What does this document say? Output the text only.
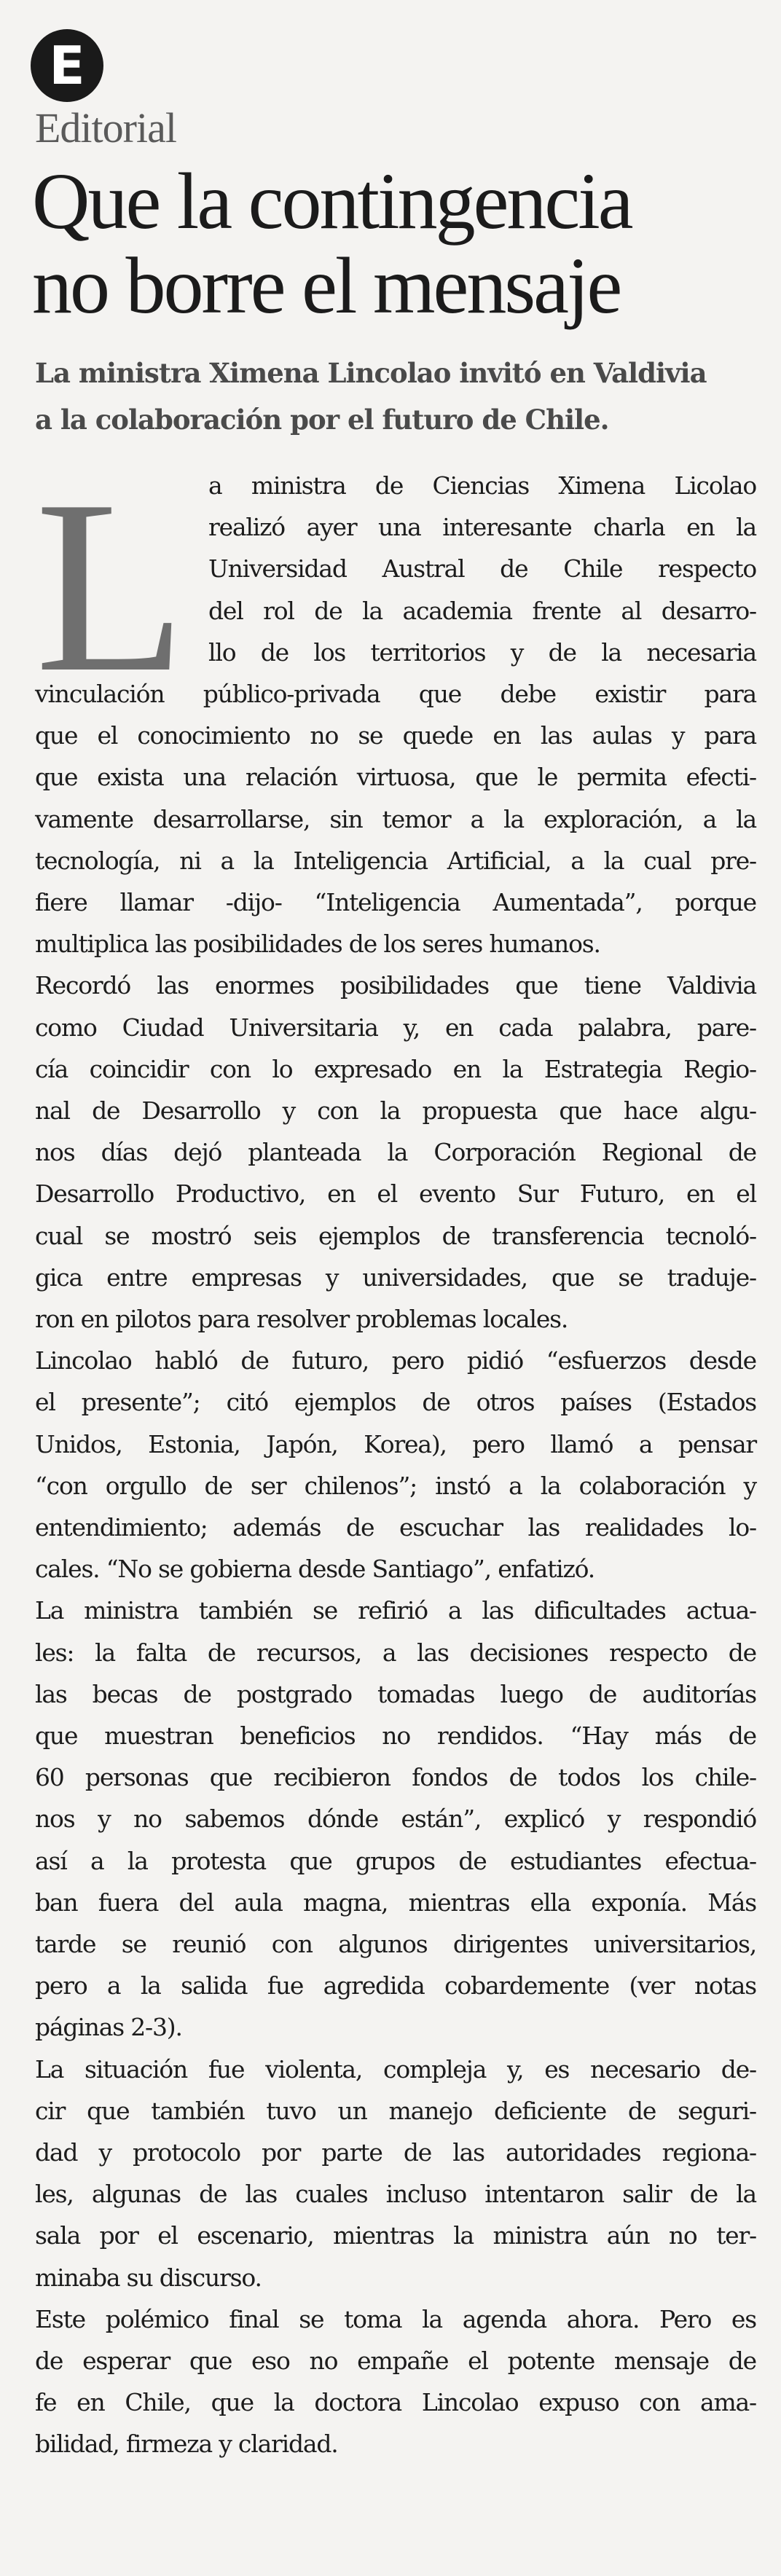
E
Editorial
Que la contingencia
no borre el mensaje
La ministra Ximena Lincolao invitó en Valdivia
a la colaboración por el futuro de Chile.
L a ministra de Ciencias Ximena Licolao
realizó ayer una interesante charla en la
Universidad Austral de Chile respecto
del rol de la academia frente al desarro-
llo de los territorios y de la necesaria
vinculación público-privada que debe existir para
que el conocimiento no se quede en las aulas y para
que exista una relación virtuosa, que le permita efecti-
vamente desarrollarse, sin temor a la exploración, a la
tecnología, ni a la Inteligencia Artificial, a la cual pre-
fiere llamar -dijo- “Inteligencia Aumentada”, porque
multiplica las posibilidades de los seres humanos.
Recordó las enormes posibilidades que tiene Valdivia
como Ciudad Universitaria y, en cada palabra, pare-
cía coincidir con lo expresado en la Estrategia Regio-
nal de Desarrollo y con la propuesta que hace algu-
nos días dejó planteada la Corporación Regional de
Desarrollo Productivo, en el evento Sur Futuro, en el
cual se mostró seis ejemplos de transferencia tecnoló-
gica entre empresas y universidades, que se traduje-
ron en pilotos para resolver problemas locales.
Lincolao habló de futuro, pero pidió “esfuerzos desde
el presente”; citó ejemplos de otros países (Estados
Unidos, Estonia, Japón, Korea), pero llamó a pensar
“con orgullo de ser chilenos”; instó a la colaboración y
entendimiento; además de escuchar las realidades lo-
cales. “No se gobierna desde Santiago”, enfatizó.
La ministra también se refirió a las dificultades actua-
les: la falta de recursos, a las decisiones respecto de
las becas de postgrado tomadas luego de auditorías
que muestran beneficios no rendidos. “Hay más de
60 personas que recibieron fondos de todos los chile-
nos y no sabemos dónde están”, explicó y respondió
así a la protesta que grupos de estudiantes efectua-
ban fuera del aula magna, mientras ella exponía. Más
tarde se reunió con algunos dirigentes universitarios,
pero a la salida fue agredida cobardemente (ver notas
páginas 2-3).
La situación fue violenta, compleja y, es necesario de-
cir que también tuvo un manejo deficiente de seguri-
dad y protocolo por parte de las autoridades regiona-
les, algunas de las cuales incluso intentaron salir de la
sala por el escenario, mientras la ministra aún no ter-
minaba su discurso.
Este polémico final se toma la agenda ahora. Pero es
de esperar que eso no empañe el potente mensaje de
fe en Chile, que la doctora Lincolao expuso con ama-
bilidad, firmeza y claridad.
